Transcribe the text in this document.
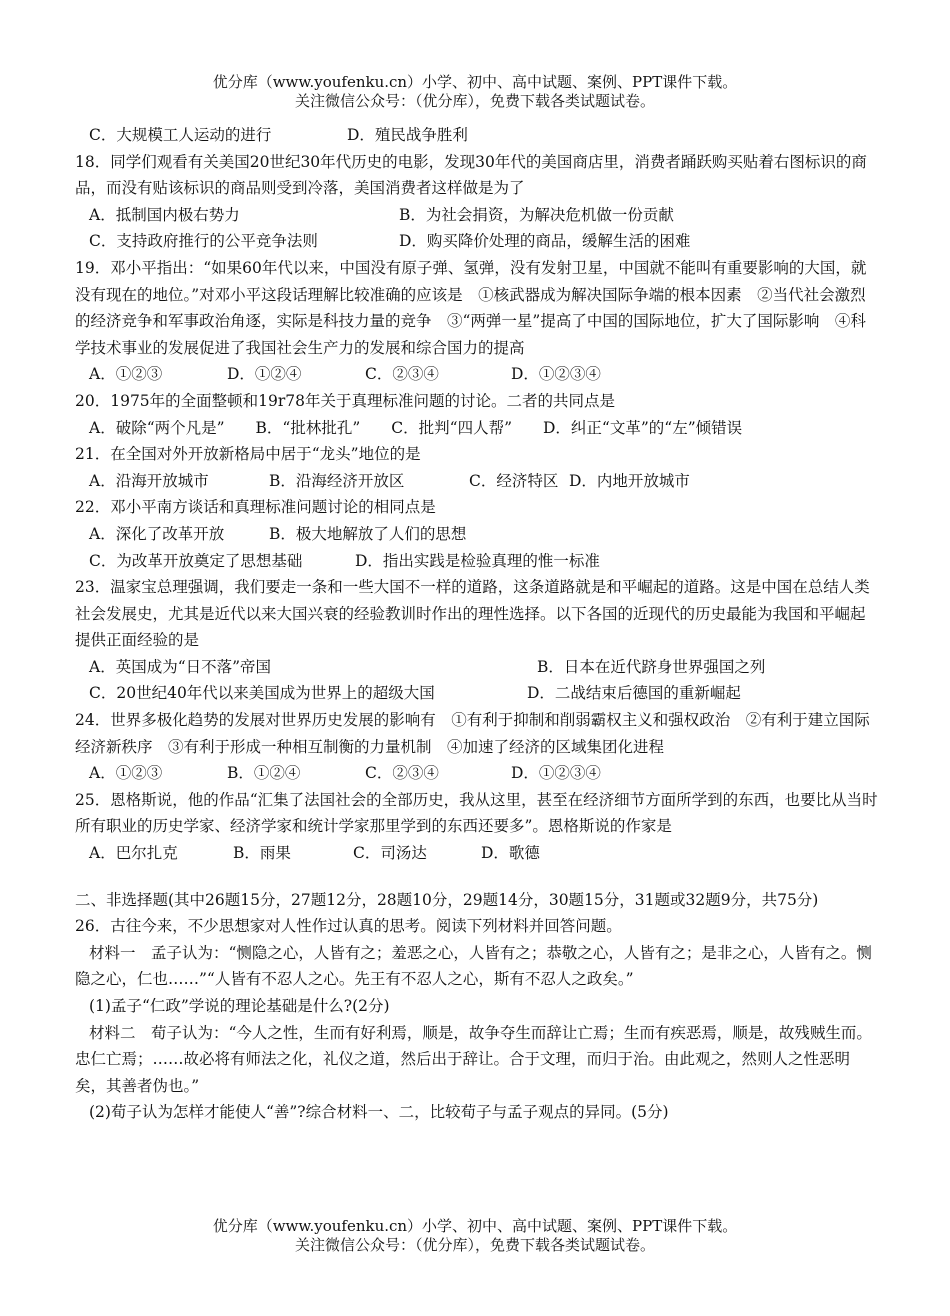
优分库（www.youfenku.cn）小学、初中、高中试题、案例、PPT课件下载。
关注微信公众号：（优分库），免费下载各类试题试卷。
C．大规模工人运动的进行	D．殖民战争胜利

18．同学们观看有关美国20世纪30年代历史的电影，发现30年代的美国商店里，消费者踊跃购买贴着右图标识的商品，而没有贴该标识的商品则受到冷落，美国消费者这样做是为了

A．抵制国内极右势力	B．为社会捐资，为解决危机做一份贡献
C．支持政府推行的公平竞争法则	D．购买降价处理的商品，缓解生活的困难

19．邓小平指出：“如果60年代以来，中国没有原子弹、氢弹，没有发射卫星，中国就不能叫有重要影响的大国，就没有现在的地位。”对邓小平这段话理解比较准确的应该是　①核武器成为解决国际争端的根本因素　②当代社会激烈的经济竞争和军事政治角逐，实际是科技力量的竞争　③“两弹一星”提高了中国的国际地位，扩大了国际影响　④科学技术事业的发展促进了我国社会生产力的发展和综合国力的提高

A．①②③	D．①②④	C．②③④	D．①②③④

20．1975年的全面整顿和19r78年关于真理标准问题的讨论。二者的共同点是

A．破除“两个凡是”　　B．“批林批孔”　　C．批判“四人帮”　　D．纠正“文革”的“左”倾错误

21．在全国对外开放新格局中居于“龙头”地位的是

A．沿海开放城市	B．沿海经济开放区	C．经济特区 D．内地开放城市

22．邓小平南方谈话和真理标准问题讨论的相同点是

A．深化了改革开放	B．极大地解放了人们的思想
C．为改革开放奠定了思想基础	D．指出实践是检验真理的惟一标准

23．温家宝总理强调，我们要走一条和一些大国不一样的道路，这条道路就是和平崛起的道路。这是中国在总结人类社会发展史，尤其是近代以来大国兴衰的经验教训时作出的理性选择。以下各国的近现代的历史最能为我国和平崛起提供正面经验的是

A．英国成为“日不落”帝国	B．日本在近代跻身世界强国之列
C．20世纪40年代以来美国成为世界上的超级大国	D．二战结束后德国的重新崛起

24．世界多极化趋势的发展对世界历史发展的影响有　①有利于抑制和削弱霸权主义和强权政治　②有利于建立国际经济新秩序　③有利于形成一种相互制衡的力量机制　④加速了经济的区域集团化进程

A．①②③	B．①②④	C．②③④	D．①②③④

25．恩格斯说，他的作品“汇集了法国社会的全部历史，我从这里，甚至在经济细节方面所学到的东西，也要比从当时所有职业的历史学家、经济学家和统计学家那里学到的东西还要多”。恩格斯说的作家是

A．巴尔扎克	B．雨果	C．司汤达	D．歌德

二、非选择题(其中26题15分，27题12分，28题10分，29题14分，30题15分，31题或32题9分，共75分)

26．古往今来，不少思想家对人性作过认真的思考。阅读下列材料并回答问题。

材料一　孟子认为：“恻隐之心，人皆有之；羞恶之心，人皆有之；恭敬之心，人皆有之；是非之心，人皆有之。恻隐之心，仁也……”“人皆有不忍人之心。先王有不忍人之心，斯有不忍人之政矣。”

(1)孟子“仁政”学说的理论基础是什么?(2分)

材料二　荀子认为：“今人之性，生而有好利焉，顺是，故争夺生而辞让亡焉；生而有疾恶焉，顺是，故残贼生而。忠仁亡焉；……故必将有师法之化，礼仪之道，然后出于辞让。合于文理，而归于治。由此观之，然则人之性恶明矣，其善者伪也。”

(2)荀子认为怎样才能使人“善”?综合材料一、二，比较荀子与孟子观点的异同。(5分)

优分库（www.youfenku.cn）小学、初中、高中试题、案例、PPT课件下载。
关注微信公众号：（优分库），免费下载各类试题试卷。
